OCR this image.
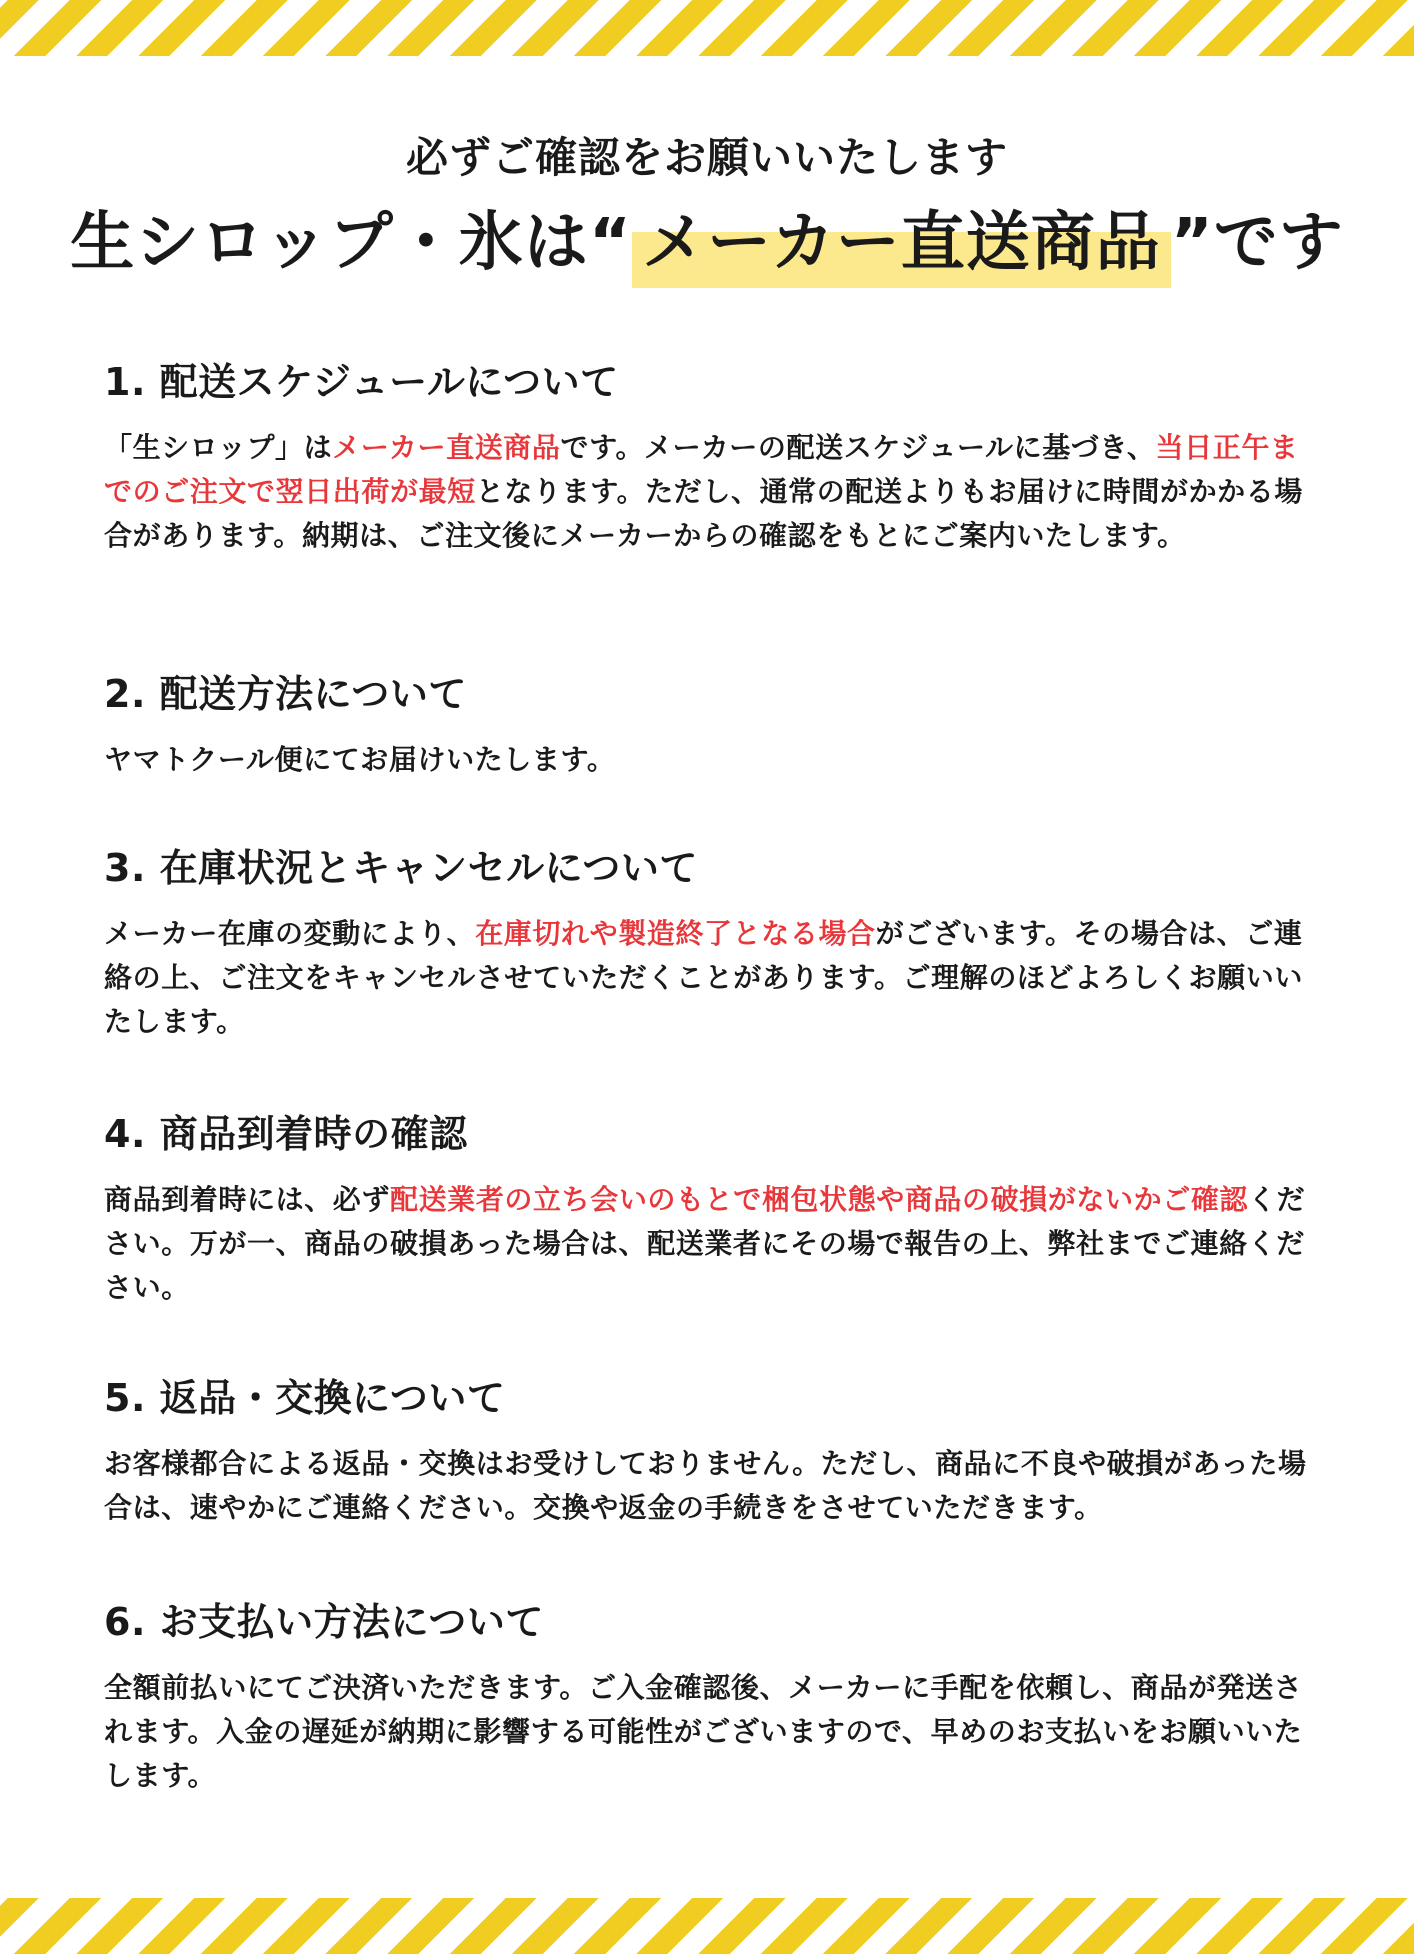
必ずご確認をお願いいたします
生シロップ・氷は“ メーカー直送商品 ”です
1. 配送スケジュールについて

「生シロップ」はメーカー直送商品です。メーカーの配送スケジュールに基づき、当日正午までのご注文で翌日出荷が最短となります。ただし、通常の配送よりもお届けに時間がかかる場合があります。納期は、ご注文後にメーカーからの確認をもとにご案内いたします。

2. 配送方法について

ヤマトクール便にてお届けいたします。

3. 在庫状況とキャンセルについて

メーカー在庫の変動により、在庫切れや製造終了となる場合がございます。その場合は、ご連絡の上、ご注文をキャンセルさせていただくことがあります。ご理解のほどよろしくお願いいたします。

4. 商品到着時の確認

商品到着時には、必ず配送業者の立ち会いのもとで梱包状態や商品の破損がないかご確認ください。万が一、商品の破損あった場合は、配送業者にその場で報告の上、弊社までご連絡ください。

5. 返品・交換について

お客様都合による返品・交換はお受けしておりません。ただし、商品に不良や破損があった場合は、速やかにご連絡ください。交換や返金の手続きをさせていただきます。

6. お支払い方法について

全額前払いにてご決済いただきます。ご入金確認後、メーカーに手配を依頼し、商品が発送されます。入金の遅延が納期に影響する可能性がございますので、早めのお支払いをお願いいたします。
